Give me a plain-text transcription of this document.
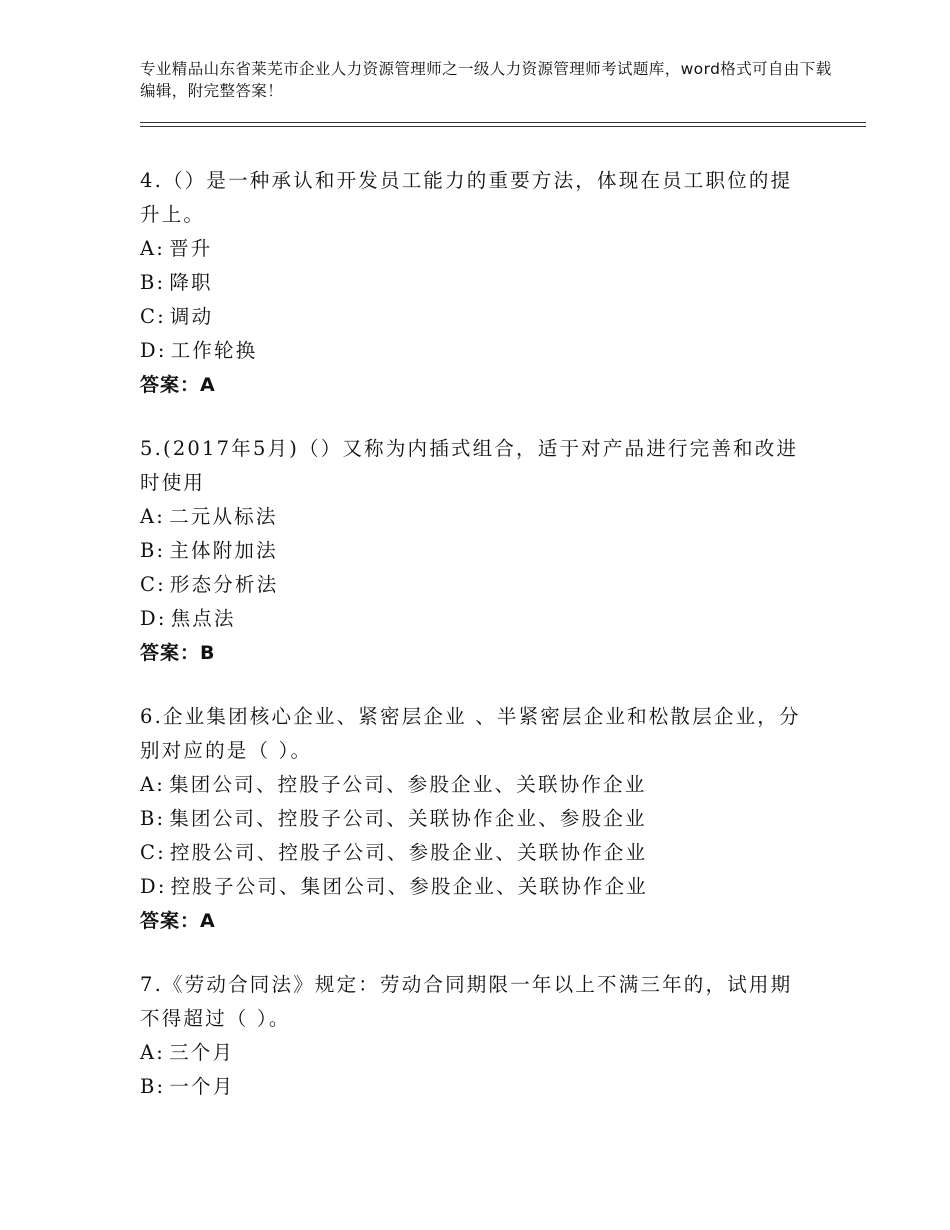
专业精品山东省莱芜市企业人力资源管理师之一级人力资源管理师考试题库，word格式可自由下载编辑，附完整答案！
4.（）是一种承认和开发员工能力的重要方法，体现在员工职位的提升上。
A: 晋升
B: 降职
C: 调动
D: 工作轮换
答案：A
5.(2017年5月)（）又称为内插式组合，适于对产品进行完善和改进时使用
A: 二元从标法
B: 主体附加法
C: 形态分析法
D: 焦点法
答案：B
6.企业集团核心企业、紧密层企业 、半紧密层企业和松散层企业，分别对应的是（ ）。
A: 集团公司、控股子公司、参股企业、关联协作企业
B: 集团公司、控股子公司、关联协作企业、参股企业
C: 控股公司、控股子公司、参股企业、关联协作企业
D: 控股子公司、集团公司、参股企业、关联协作企业
答案：A
7.《劳动合同法》规定：劳动合同期限一年以上不满三年的，试用期不得超过（ ）。
A: 三个月
B: 一个月
